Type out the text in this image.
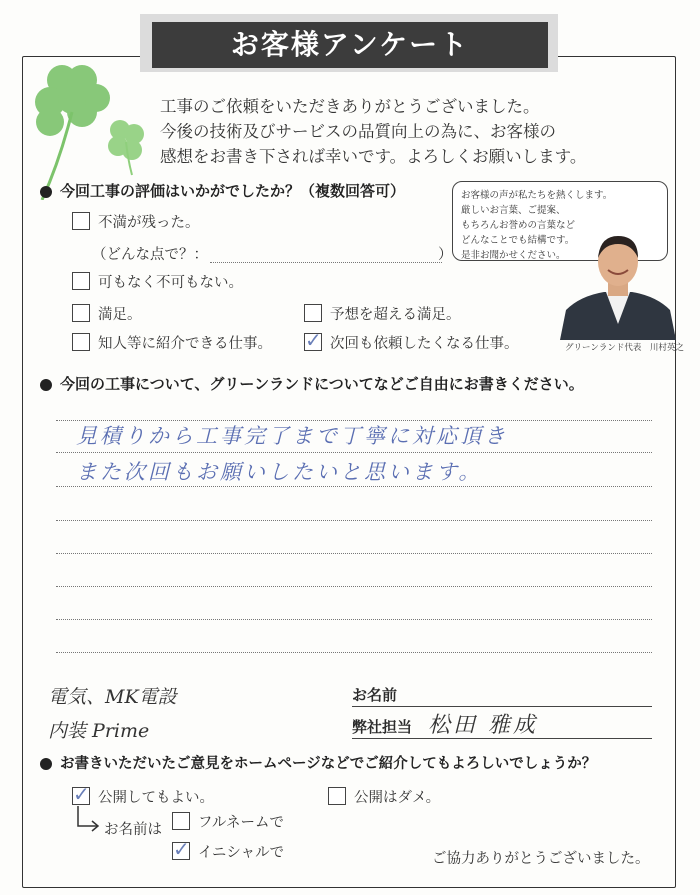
お客様アンケート
工事のご依頼をいただきありがとうございました。
今後の技術及びサービスの品質向上の為に、お客様の
感想をお書き下されば幸いです。よろしくお願いします。
今回工事の評価はいかがでしたか？（複数回答可）
不満が残った。
（どんな点で？：	）
可もなく不可もない。
満足。	予想を超える満足。
知人等に紹介できる仕事。 ✓ 次回も依頼したくなる仕事。
お客様の声が私たちを熱くします。
厳しいお言葉、ご提案、
もちろんお誉めの言葉など
どんなことでも結構です。
是非お聞かせください。
グリーンランド代表　川村英之
今回の工事について、グリーンランドについてなどご自由にお書きください。
見積りから工事完了まで丁寧に対応頂き
また次回もお願いしたいと思います。
電気、MK電設
内装 Prime
お名前
弊社担当 松田 雅成
お書きいただいたご意見をホームページなどでご紹介してもよろしいでしょうか？
✓ 公開してもよい。	公開はダメ。
お名前は フルネームで
✓ イニシャルで	ご協力ありがとうございました。
